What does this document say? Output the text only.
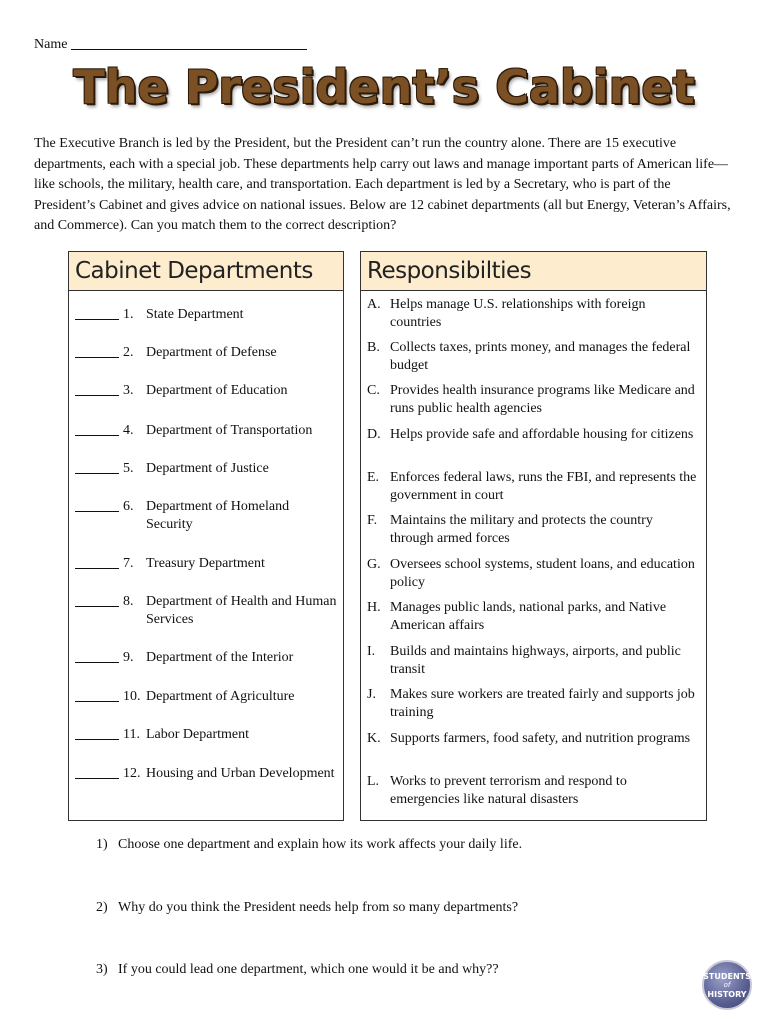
Name
The President’s Cabinet
The Executive Branch is led by the President, but the President can’t run the country alone. There are 15 executive departments, each with a special job. These departments help carry out laws and manage important parts of American life—like schools, the military, health care, and transportation. Each department is led by a Secretary, who is part of the President’s Cabinet and gives advice on national issues. Below are 12 cabinet departments (all but Energy, Veteran’s Affairs, and Commerce). Can you match them to the correct description?
Cabinet Departments
1. State Department
2. Department of Defense
3. Department of Education
4. Department of Transportation
5. Department of Justice
6. Department of Homeland Security
7. Treasury Department
8. Department of Health and Human Services
9. Department of the Interior
10. Department of Agriculture
11. Labor Department
12. Housing and Urban Development
Responsibilties
A. Helps manage U.S. relationships with foreign countries
B. Collects taxes, prints money, and manages the federal budget
C. Provides health insurance programs like Medicare and runs public health agencies
D. Helps provide safe and affordable housing for citizens
E. Enforces federal laws, runs the FBI, and represents the government in court
F. Maintains the military and protects the country through armed forces
G. Oversees school systems, student loans, and education policy
H. Manages public lands, national parks, and Native American affairs
I.	Builds and maintains highways, airports, and public transit
J.	Makes sure workers are treated fairly and supports job training
K. Supports farmers, food safety, and nutrition programs
L. Works to prevent terrorism and respond to emergencies like natural disasters
1) Choose one department and explain how its work affects your daily life.
2) Why do you think the President needs help from so many departments?
3) If you could lead one department, which one would it be and why??	STUDENTS
of
HISTORY
